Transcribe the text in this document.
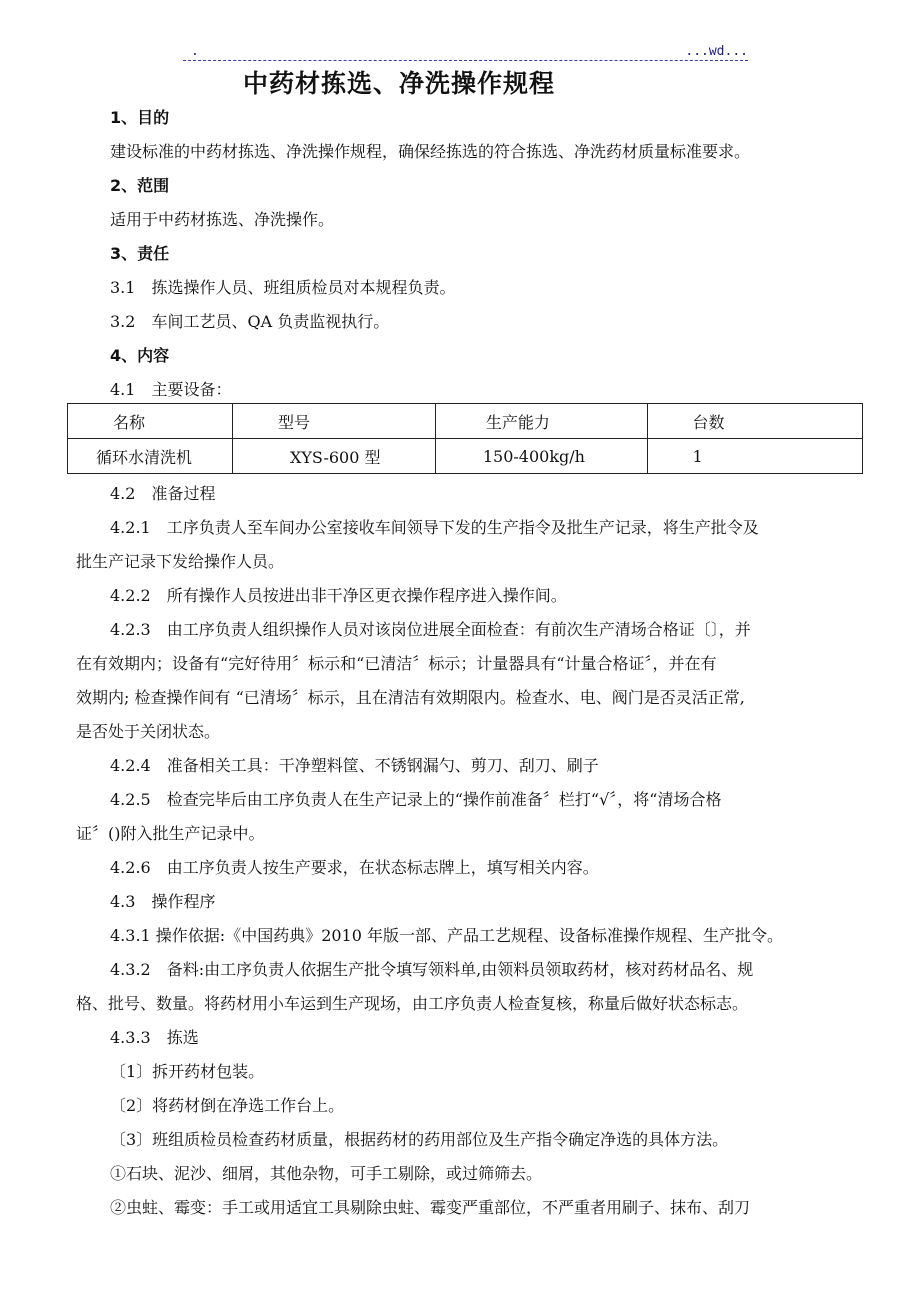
.	...wd...
中药材拣选、净洗操作规程
1、目的
建设标准的中药材拣选、净洗操作规程，确保经拣选的符合拣选、净洗药材质量标准要求。
2、范围
适用于中药材拣选、净洗操作。
3、责任
3.1　拣选操作人员、班组质检员对本规程负责。
3.2　车间工艺员、QA 负责监视执行。
4、内容
4.1　主要设备：
名称	型号	生产能力	台数
循环水清洗机	XYS-600 型	150-400kg/h	1
4.2　准备过程
4.2.1　工序负责人至车间办公室接收车间领导下发的生产指令及批生产记录，将生产批令及
批生产记录下发给操作人员。
4.2.2　所有操作人员按进出非干净区更衣操作程序进入操作间。
4.2.3　由工序负责人组织操作人员对该岗位进展全面检查：有前次生产清场合格证〔〕，并
在有效期内；设备有“完好待用〞标示和“已清洁〞标示；计量器具有“计量合格证〞，并在有
效期内; 检查操作间有 “已清场〞标示，且在清洁有效期限内。检查水、电、阀门是否灵活正常,
是否处于关闭状态。
4.2.4　准备相关工具：干净塑料筐、不锈钢漏勺、剪刀、刮刀、刷子
4.2.5　检查完毕后由工序负责人在生产记录上的“操作前准备〞栏打“√〞，将“清场合格
证〞()附入批生产记录中。
4.2.6　由工序负责人按生产要求，在状态标志牌上，填写相关内容。
4.3　操作程序
4.3.1 操作依据:《中国药典》2010 年版一部、产品工艺规程、设备标准操作规程、生产批令。
4.3.2　备料:由工序负责人依据生产批令填写领料单,由领料员领取药材，核对药材品名、规
格、批号、数量。将药材用小车运到生产现场，由工序负责人检查复核，称量后做好状态标志。
4.3.3　拣选
〔1〕拆开药材包装。
〔2〕将药材倒在净选工作台上。
〔3〕班组质检员检查药材质量，根据药材的药用部位及生产指令确定净选的具体方法。
①石块、泥沙、细屑，其他杂物，可手工剔除，或过筛筛去。
②虫蛀、霉变：手工或用适宜工具剔除虫蛀、霉变严重部位，不严重者用刷子、抹布、刮刀
